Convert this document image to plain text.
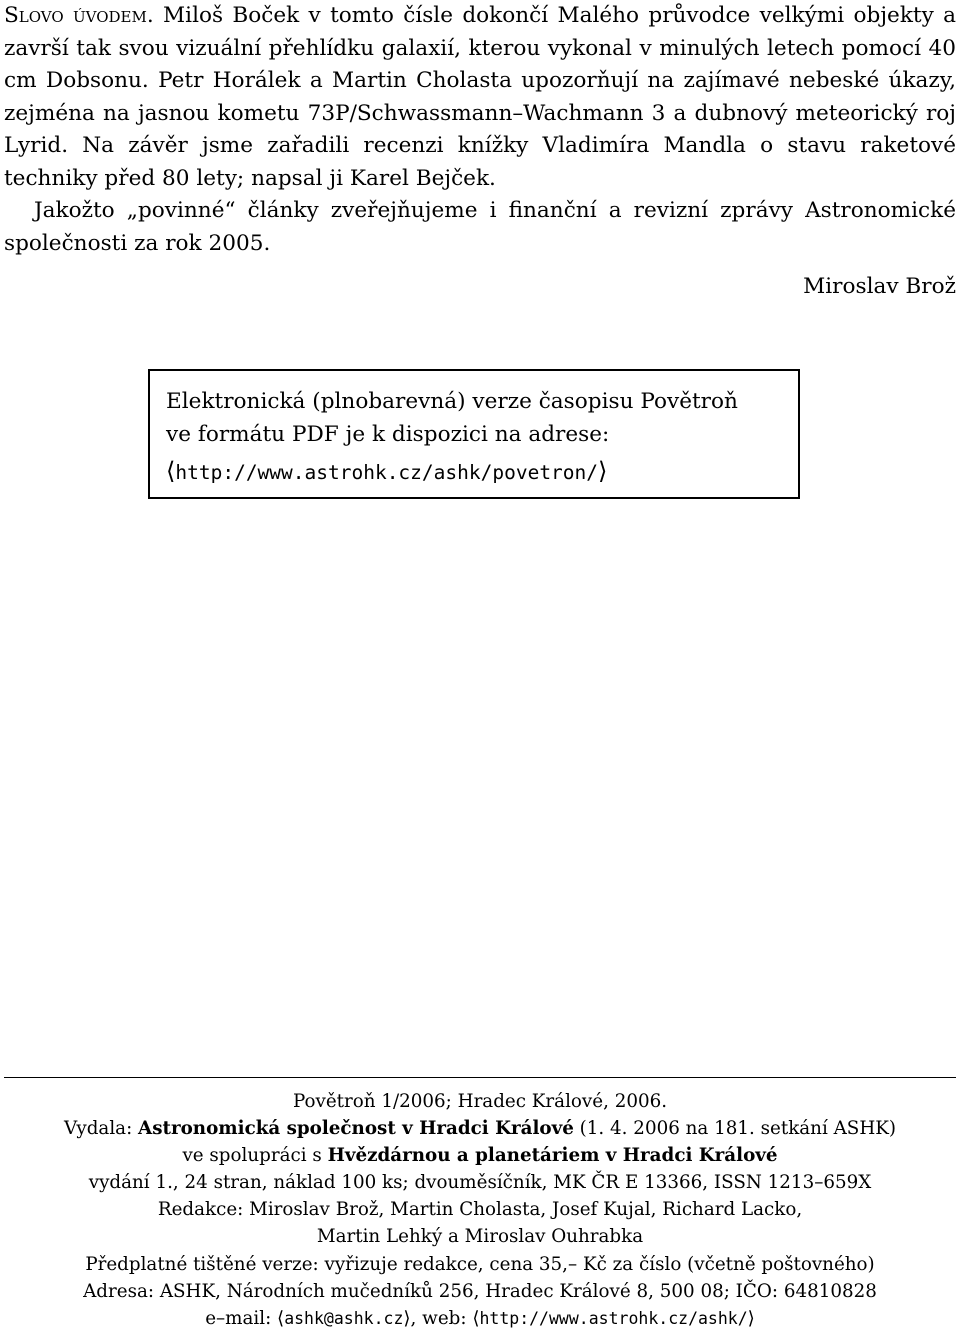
Slovo úvodem. Miloš Boček v tomto čísle dokončí Malého průvodce velkými objekty a završí tak svou vizuální přehlídku galaxií, kterou vykonal v minulých letech pomocí 40 cm Dobsonu. Petr Horálek a Martin Cholasta upozorňují na zajímavé nebeské úkazy, zejména na jasnou kometu 73P/Schwassmann–Wachmann 3 a dubnový meteorický roj Lyrid. Na závěr jsme zařadili recenzi knížky Vladimíra Mandla o stavu raketové techniky před 80 lety; napsal ji Karel Bejček.

Jakožto „povinné“ články zveřejňujeme i finanční a revizní zprávy Astronomické společnosti za rok 2005.

Miroslav Brož
Elektronická (plnobarevná) verze časopisu Povětroň
ve formátu PDF je k dispozici na adrese:
⟨http://www.astrohk.cz/ashk/povetron/⟩
Povětroň 1/2006; Hradec Králové, 2006.
Vydala: Astronomická společnost v Hradci Králové (1. 4. 2006 na 181. setkání ASHK)
ve spolupráci s Hvězdárnou a planetáriem v Hradci Králové
vydání 1., 24 stran, náklad 100 ks; dvouměsíčník, MK ČR E 13366, ISSN 1213–659X
Redakce: Miroslav Brož, Martin Cholasta, Josef Kujal, Richard Lacko,
Martin Lehký a Miroslav Ouhrabka
Předplatné tištěné verze: vyřizuje redakce, cena 35,– Kč za číslo (včetně poštovného)
Adresa: ASHK, Národních mučedníků 256, Hradec Králové 8, 500 08; IČO: 64810828
e–mail: ⟨ashk@ashk.cz⟩, web: ⟨http://www.astrohk.cz/ashk/⟩
